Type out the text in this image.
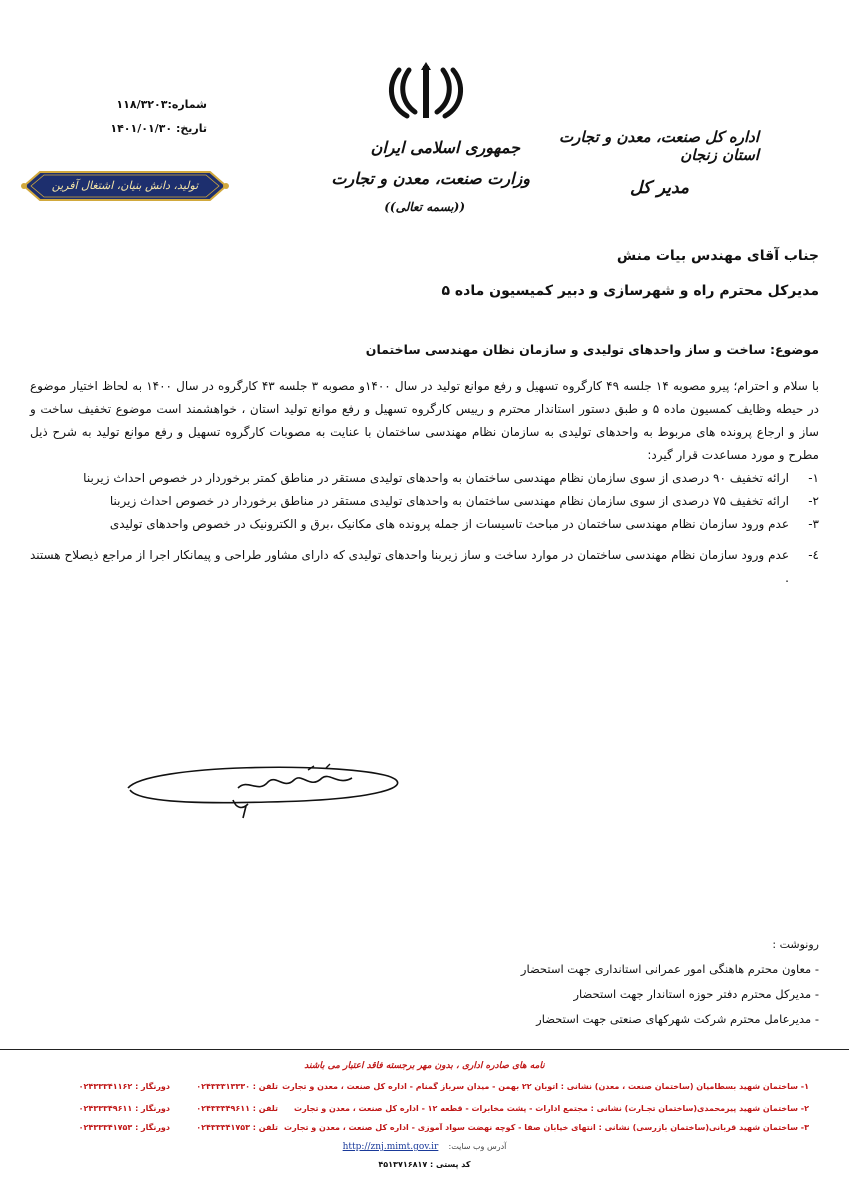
اداره کل صنعت، معدن و تجارت استان زنجان
مدیر کل
جمهوری اسلامی ایران
وزارت صنعت، معدن و تجارت
((بسمه تعالی))
شماره:۱۱۸/۳۲۰۳
تاریخ: ۱۴۰۱/۰۱/۳۰
تولید، دانش بنیان، اشتغال آفرین
جناب آقای مهندس بیات منش
مدیرکل محترم راه و شهرسازی و دبیر کمیسیون ماده ۵
موضوع: ساخت و ساز واحدهای تولیدی و سازمان نظان مهندسی ساختمان

با سلام و احترام؛ پیرو مصوبه ۱۴ جلسه ۴۹ کارگروه تسهیل و رفع موانع تولید در سال ۱۴۰۰و مصوبه ۳ جلسه ۴۳ کارگروه در سال ۱۴۰۰ به لحاظ اختیار موضوع در حیطه وظایف کمسیون ماده ۵ و طبق دستور استاندار محترم و رییس کارگروه تسهیل و رفع موانع تولید استان ، خواهشمند است موضوع تخفیف ساخت و ساز و ارجاع پرونده های مربوط به واحدهای تولیدی به سازمان نظام مهندسی ساختمان با عنایت به مصوبات کارگروه تسهیل و رفع موانع تولید به شرح ذیل مطرح و مورد مساعدت قرار گیرد:

۱-
ارائه تخفیف ۹۰ درصدی از سوی سازمان نظام مهندسی ساختمان به واحدهای تولیدی مستقر در مناطق کمتر برخوردار در خصوص احداث زیربنا
۲-
ارائه تخفیف ۷۵ درصدی از سوی سازمان نظام مهندسی ساختمان به واحدهای تولیدی مستقر در مناطق برخوردار در خصوص احداث زیربنا
۳-
عدم ورود سازمان نظام مهندسی ساختمان در مباحث تاسیسات از جمله پرونده های مکانیک ،برق و الکترونیک در خصوص واحدهای تولیدی
٤-
عدم ورود سازمان نظام مهندسی ساختمان در موارد ساخت و ساز زیربنا واحدهای تولیدی که دارای مشاور طراحی و پیمانکار اجرا از مراجع ذیصلاح هستند .
رونوشت :
- معاون محترم هاهنگی امور عمرانی استانداری جهت استحضار
- مدیرکل محترم دفتر حوزه استاندار جهت استحضار
- مدیرعامل محترم شرکت شهرکهای صنعتی جهت استحضار
نامه های صادره اداری ، بدون مهر برجسته فاقد اعتبار می باشند
دورنگار : ۰۲۴۳۳۳۴۱۱۶۲	تلفن : ۰۲۴۳۳۳۱۳۳۳۰ ۱- ساختمان شهید بسطامیان (ساختمان صنعت ، معدن) نشانی : اتوبان ۲۲ بهمن - میدان سرباز گمنام - اداره کل صنعت ، معدن و تجارت
دورنگار : ۰۲۴۳۳۳۴۹۶۱۱	تلفن : ۰۲۴۳۳۳۴۹۶۱۱	۲- ساختمان شهید پیرمحمدی(ساختمان تجـارت) نشانی : مجتمع ادارات - پشت مخابرات - قطعه ۱۲ - اداره کل صنعت ، معدن و تجارت
دورنگار : ۰۲۴۳۳۳۴۱۷۵۳	تلفن : ۰۲۴۳۳۳۴۱۷۵۳ ۳- ساختمان شهید قربانی(ساختمان بازرسی) نشانی : انتهای خیابان صفا - کوچه نهضت سواد آموزی - اداره کل صنعت ، معدن و تجارت
http://znj.mimt.gov.ir آدرس وب سایت:
کد پستی : ۴۵۱۳۷۱۶۸۱۷
